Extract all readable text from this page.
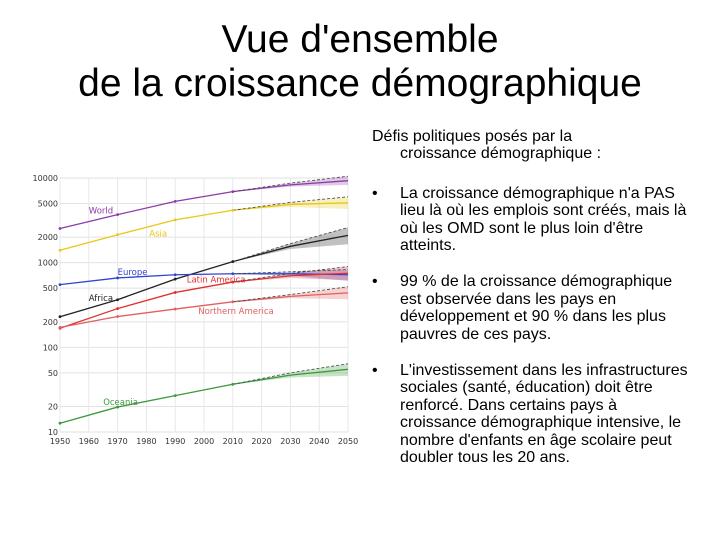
Vue d'ensemble
de la croissance démographique
10000
5000
2000
1000
500
200
100
50
20
10
1950 1960 1970 1980 1990 2000 2010 2020 2030 2040 2050
World
Asia
Africa
Europe
Latin America
Northern America
Oceania
Défis politiques posés par la
croissance démographique :
•	La croissance démographique n'a PAS lieu là où les emplois sont créés, mais là où les OMD sont le plus loin d'être atteints.
•	99 % de la croissance démographique est observée dans les pays en développement et 90 % dans les plus pauvres de ces pays.
•	L'investissement dans les infrastructures sociales (santé, éducation) doit être renforcé. Dans certains pays à croissance démographique intensive, le nombre d'enfants en âge scolaire peut doubler tous les 20 ans.
